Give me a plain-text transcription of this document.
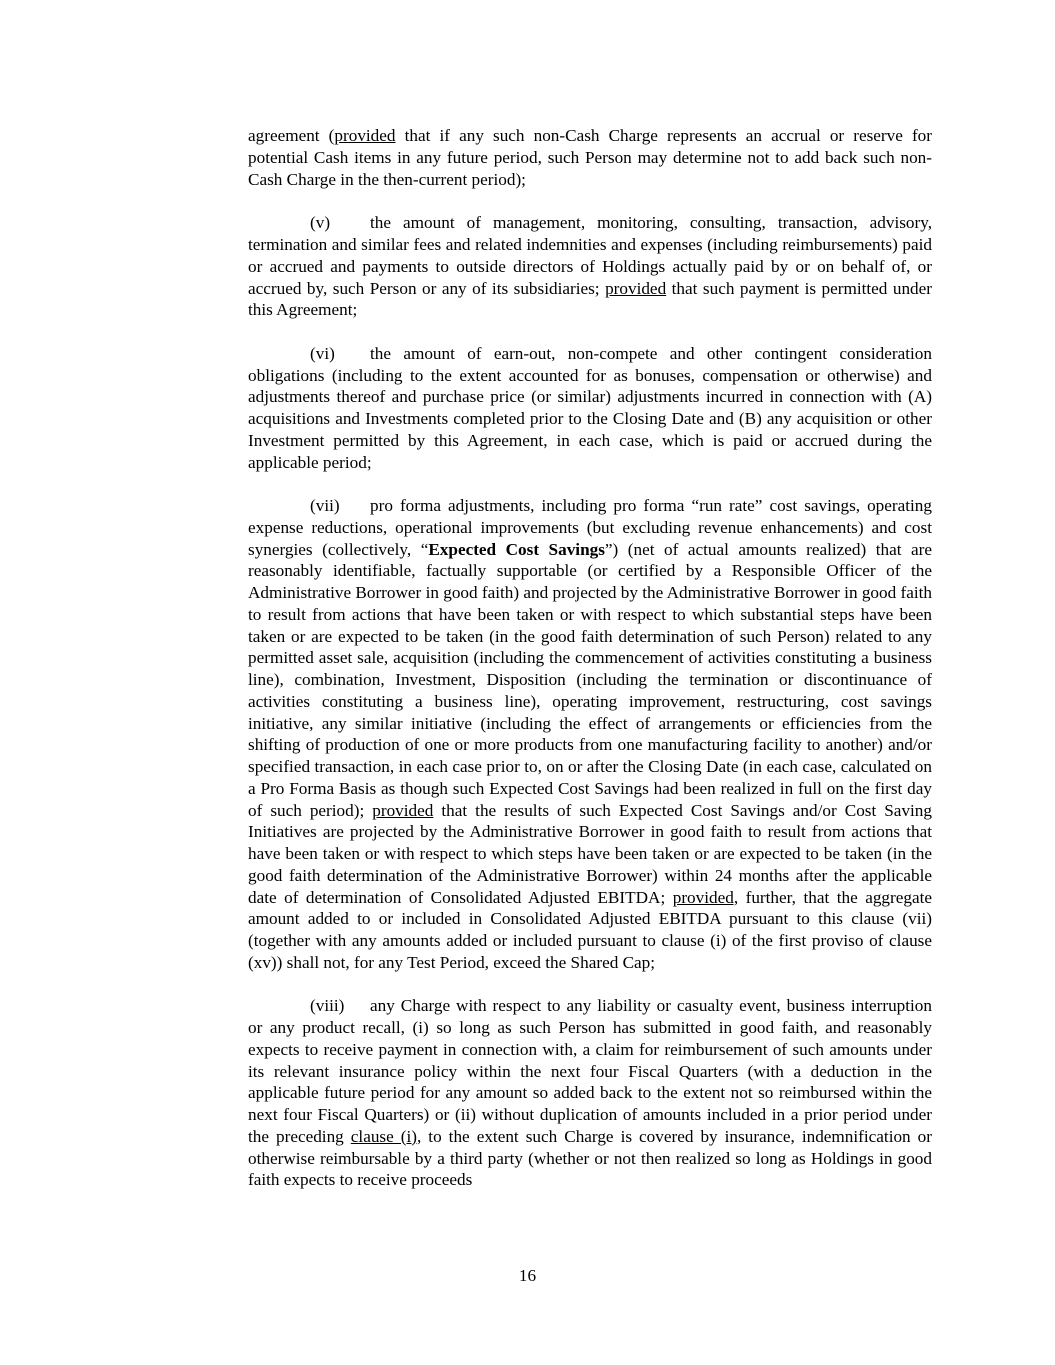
agreement (provided that if any such non-Cash Charge represents an accrual or reserve for potential Cash items in any future period, such Person may determine not to add back such non-Cash Charge in the then-current period);

(v) the amount of management, monitoring, consulting, transaction, advisory, termination and similar fees and related indemnities and expenses (including reimbursements) paid or accrued and payments to outside directors of Holdings actually paid by or on behalf of, or accrued by, such Person or any of its subsidiaries; provided that such payment is permitted under this Agreement;

(vi) the amount of earn-out, non-compete and other contingent consideration obligations (including to the extent accounted for as bonuses, compensation or otherwise) and adjustments thereof and purchase price (or similar) adjustments incurred in connection with (A) acquisitions and Investments completed prior to the Closing Date and (B) any acquisition or other Investment permitted by this Agreement, in each case, which is paid or accrued during the applicable period;

(vii) pro forma adjustments, including pro forma “run rate” cost savings, operating expense reductions, operational improvements (but excluding revenue enhancements) and cost synergies (collectively, “Expected Cost Savings”) (net of actual amounts realized) that are reasonably identifiable, factually supportable (or certified by a Responsible Officer of the Administrative Borrower in good faith) and projected by the Administrative Borrower in good faith to result from actions that have been taken or with respect to which substantial steps have been taken or are expected to be taken (in the good faith determination of such Person) related to any permitted asset sale, acquisition (including the commencement of activities constituting a business line), combination, Investment, Disposition (including the termination or discontinuance of activities constituting a business line), operating improvement, restructuring, cost savings initiative, any similar initiative (including the effect of arrangements or efficiencies from the shifting of production of one or more products from one manufacturing facility to another) and/or specified transaction, in each case prior to, on or after the Closing Date (in each case, calculated on a Pro Forma Basis as though such Expected Cost Savings had been realized in full on the first day of such period); provided that the results of such Expected Cost Savings and/or Cost Saving Initiatives are projected by the Administrative Borrower in good faith to result from actions that have been taken or with respect to which steps have been taken or are expected to be taken (in the good faith determination of the Administrative Borrower) within 24 months after the applicable date of determination of Consolidated Adjusted EBITDA; provided, further, that the aggregate amount added to or included in Consolidated Adjusted EBITDA pursuant to this clause (vii) (together with any amounts added or included pursuant to clause (i) of the first proviso of clause (xv)) shall not, for any Test Period, exceed the Shared Cap;

(viii) any Charge with respect to any liability or casualty event, business interruption or any product recall, (i) so long as such Person has submitted in good faith, and reasonably expects to receive payment in connection with, a claim for reimbursement of such amounts under its relevant insurance policy within the next four Fiscal Quarters (with a deduction in the applicable future period for any amount so added back to the extent not so reimbursed within the next four Fiscal Quarters) or (ii) without duplication of amounts included in a prior period under the preceding clause (i), to the extent such Charge is covered by insurance, indemnification or otherwise reimbursable by a third party (whether or not then realized so long as Holdings in good faith expects to receive proceeds

16
